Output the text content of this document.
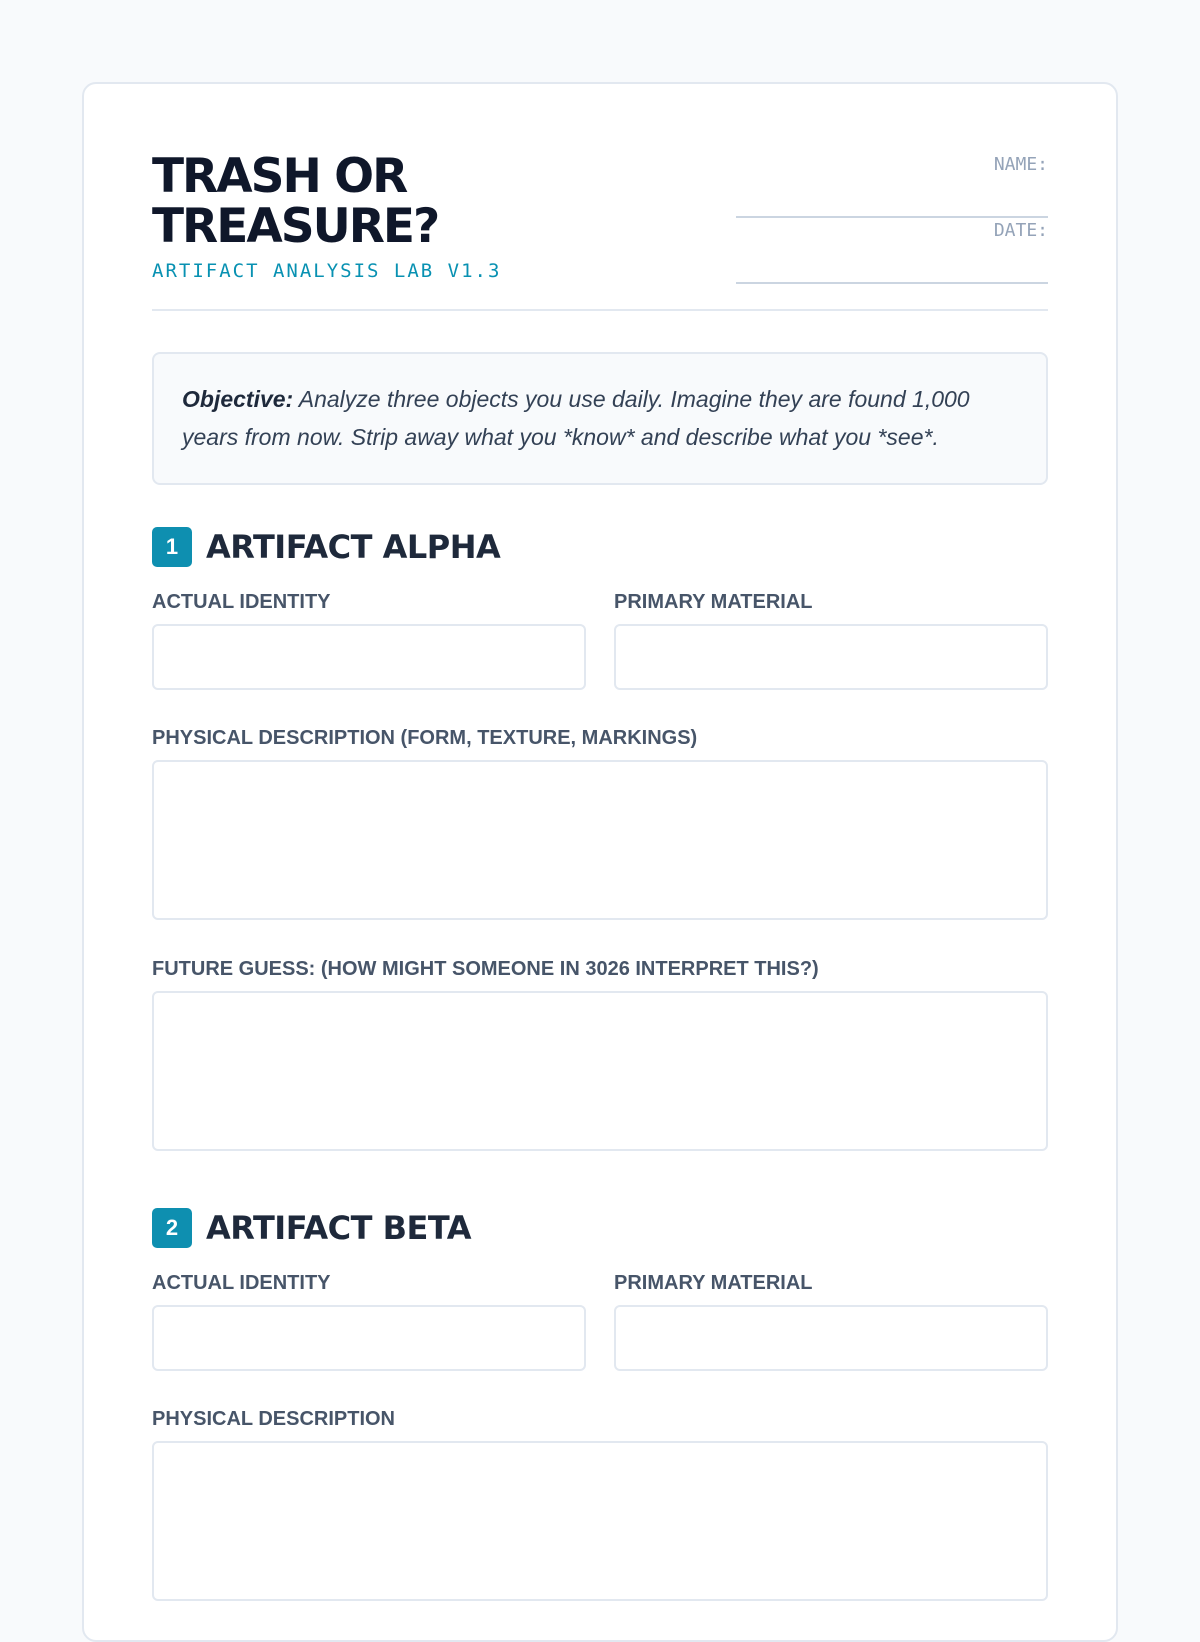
TRASH OR TREASURE?
ARTIFACT ANALYSIS LAB V1.3
NAME:
DATE:
Objective: Analyze three objects you use daily. Imagine they are found 1,000 years from now. Strip away what you *know* and describe what you *see*.
1 ARTIFACT ALPHA
ACTUAL IDENTITY	PRIMARY MATERIAL
PHYSICAL DESCRIPTION (FORM, TEXTURE, MARKINGS)
FUTURE GUESS: (HOW MIGHT SOMEONE IN 3026 INTERPRET THIS?)
2 ARTIFACT BETA
ACTUAL IDENTITY	PRIMARY MATERIAL
PHYSICAL DESCRIPTION
